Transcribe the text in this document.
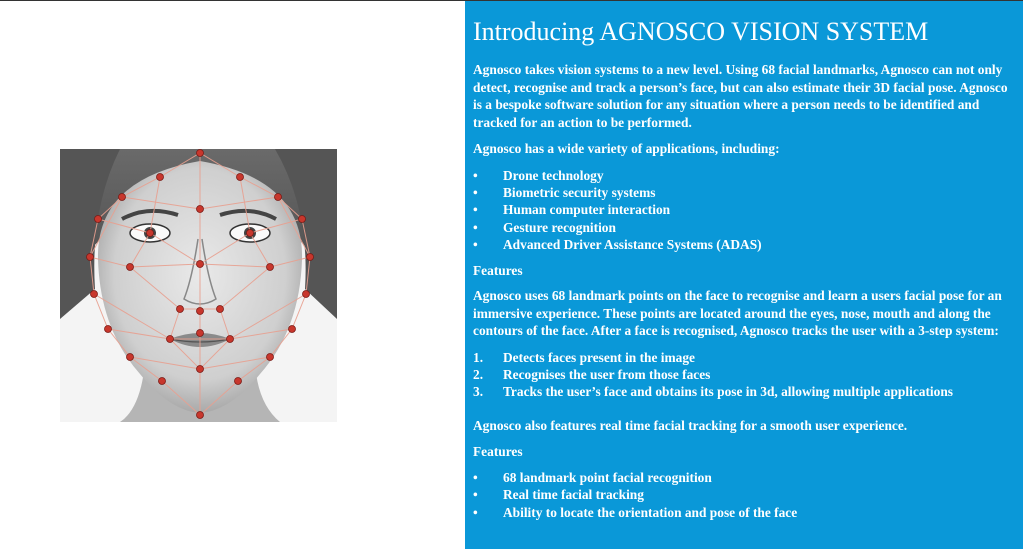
Introducing AGNOSCO VISION SYSTEM

Agnosco takes vision systems to a new level. Using 68 facial landmarks, Agnosco can not only detect, recognise and track a person’s face, but can also estimate their 3D facial pose. Agnosco is a bespoke software solution for any situation where a person needs to be identified and tracked for an action to be performed.

Agnosco has a wide variety of applications, including:

•	Drone technology
•	Biometric security systems
•	Human computer interaction
•	Gesture recognition
•	Advanced Driver Assistance Systems (ADAS)

Features

Agnosco uses 68 landmark points on the face to recognise and learn a users facial pose for an immersive experience. These points are located around the eyes, nose, mouth and along the contours of the face. After a face is recognised, Agnosco tracks the user with a 3-step system:

1.	Detects faces present in the image
2.	Recognises the user from those faces
3.	Tracks the user’s face and obtains its pose in 3d, allowing multiple applications

Agnosco also features real time facial tracking for a smooth user experience.

Features

•	68 landmark point facial recognition
•	Real time facial tracking
•	Ability to locate the orientation and pose of the face
